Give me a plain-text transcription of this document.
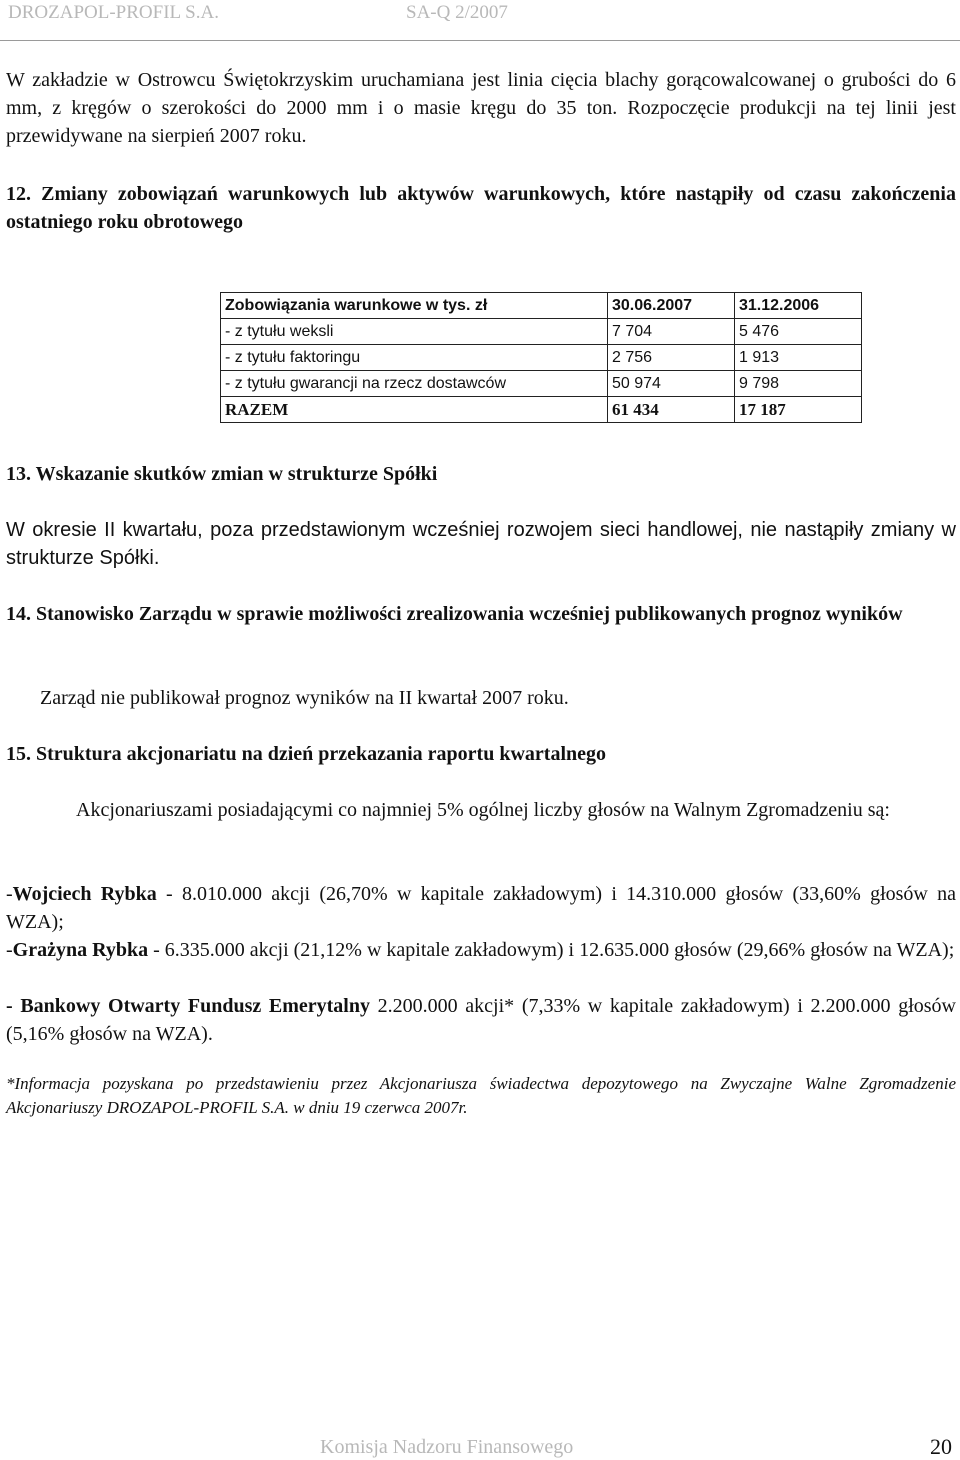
DROZAPOL-PROFIL S.A.	SA-Q 2/2007
W zakładzie w Ostrowcu Świętokrzyskim uruchamiana jest linia cięcia blachy gorącowalcowanej o grubości do 6 mm, z kręgów o szerokości do 2000 mm i o masie kręgu do 35 ton. Rozpoczęcie produkcji na tej linii jest przewidywane na sierpień 2007 roku.
12. Zmiany zobowiązań warunkowych lub aktywów warunkowych, które nastąpiły od czasu zakończenia ostatniego roku obrotowego
Zobowiązania warunkowe w tys. zł	30.06.2007	31.12.2006
- z tytułu weksli	7 704	5 476
- z tytułu faktoringu	2 756	1 913
- z tytułu gwarancji na rzecz dostawców	50 974	9 798
RAZEM	61 434	17 187
13. Wskazanie skutków zmian w strukturze Spółki
W okresie II kwartału, poza przedstawionym wcześniej rozwojem sieci handlowej, nie nastąpiły zmiany w strukturze Spółki.
14. Stanowisko Zarządu w sprawie możliwości zrealizowania wcześniej publikowanych prognoz wyników
Zarząd nie publikował prognoz wyników na II kwartał 2007 roku.
15. Struktura akcjonariatu na dzień przekazania raportu kwartalnego
Akcjonariuszami posiadającymi co najmniej 5% ogólnej liczby głosów na Walnym Zgromadzeniu są:
-Wojciech Rybka - 8.010.000 akcji (26,70% w kapitale zakładowym) i 14.310.000 głosów (33,60% głosów na WZA);
-Grażyna Rybka - 6.335.000 akcji (21,12% w kapitale zakładowym) i 12.635.000 głosów (29,66% głosów na WZA);
- Bankowy Otwarty Fundusz Emerytalny 2.200.000 akcji* (7,33% w kapitale zakładowym) i 2.200.000 głosów (5,16% głosów na WZA).
*Informacja pozyskana po przedstawieniu przez Akcjonariusza świadectwa depozytowego na Zwyczajne Walne Zgromadzenie Akcjonariuszy DROZAPOL-PROFIL S.A. w dniu 19 czerwca 2007r.
Komisja Nadzoru Finansowego	20
